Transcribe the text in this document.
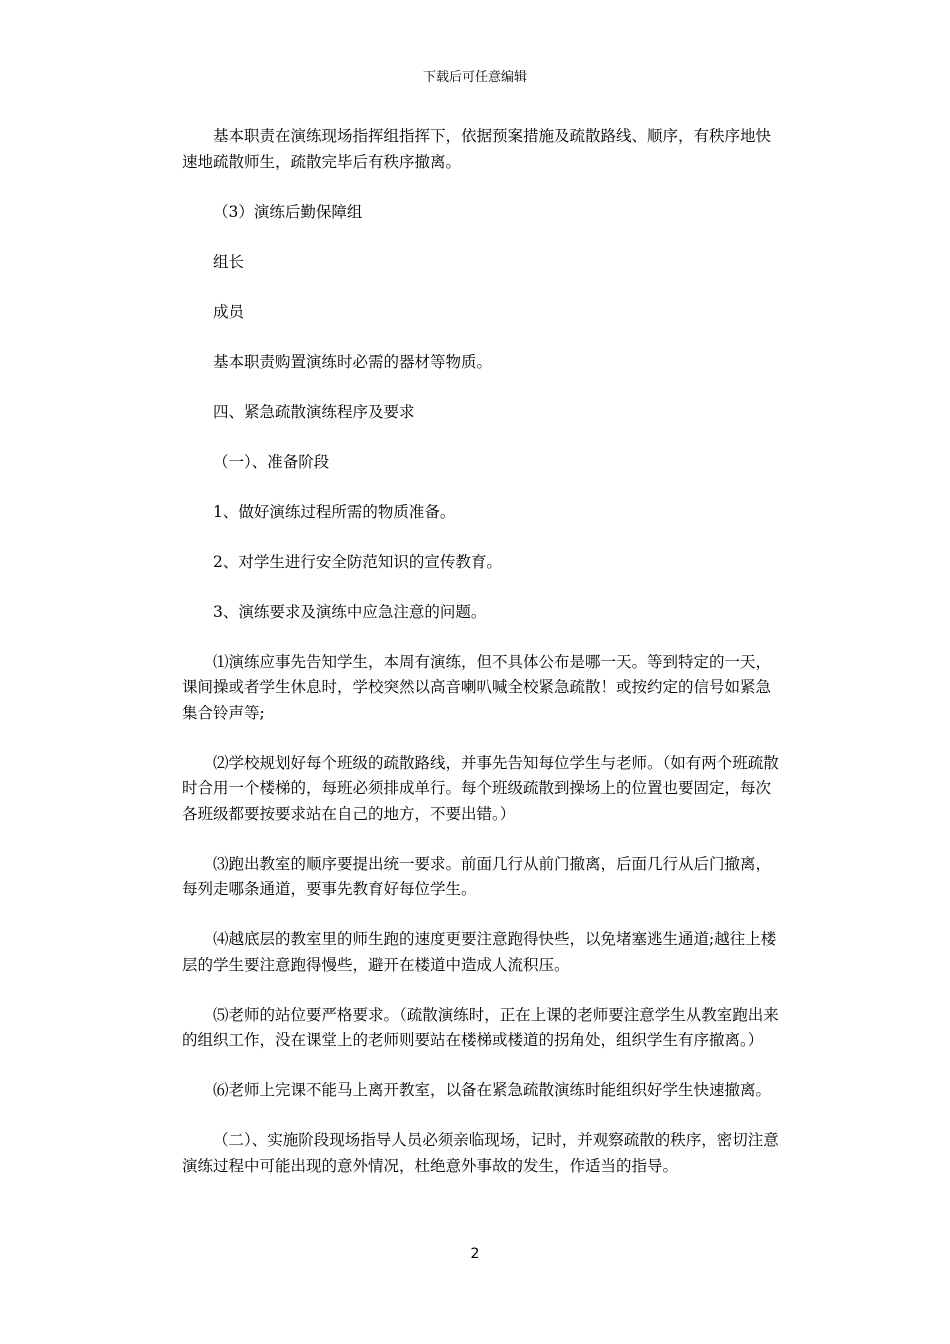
下载后可任意编辑

基本职责在演练现场指挥组指挥下，依据预案措施及疏散路线、顺序，有秩序地快速地疏散师生，疏散完毕后有秩序撤离。

（3）演练后勤保障组

组长

成员

基本职责购置演练时必需的器材等物质。

四、紧急疏散演练程序及要求

（一）、准备阶段

1、做好演练过程所需的物质准备。

2、对学生进行安全防范知识的宣传教育。

3、演练要求及演练中应急注意的问题。

⑴演练应事先告知学生，本周有演练，但不具体公布是哪一天。等到特定的一天，课间操或者学生休息时，学校突然以高音喇叭喊全校紧急疏散！或按约定的信号如紧急集合铃声等;

⑵学校规划好每个班级的疏散路线，并事先告知每位学生与老师。（如有两个班疏散时合用一个楼梯的，每班必须排成单行。每个班级疏散到操场上的位置也要固定，每次各班级都要按要求站在自己的地方，不要出错。）

⑶跑出教室的顺序要提出统一要求。前面几行从前门撤离，后面几行从后门撤离，每列走哪条通道，要事先教育好每位学生。

⑷越底层的教室里的师生跑的速度更要注意跑得快些，以免堵塞逃生通道;越往上楼层的学生要注意跑得慢些，避开在楼道中造成人流积压。

⑸老师的站位要严格要求。（疏散演练时，正在上课的老师要注意学生从教室跑出来的组织工作，没在课堂上的老师则要站在楼梯或楼道的拐角处，组织学生有序撤离。）

⑹老师上完课不能马上离开教室，以备在紧急疏散演练时能组织好学生快速撤离。

（二）、实施阶段现场指导人员必须亲临现场，记时，并观察疏散的秩序，密切注意演练过程中可能出现的意外情况，杜绝意外事故的发生，作适当的指导。

2
